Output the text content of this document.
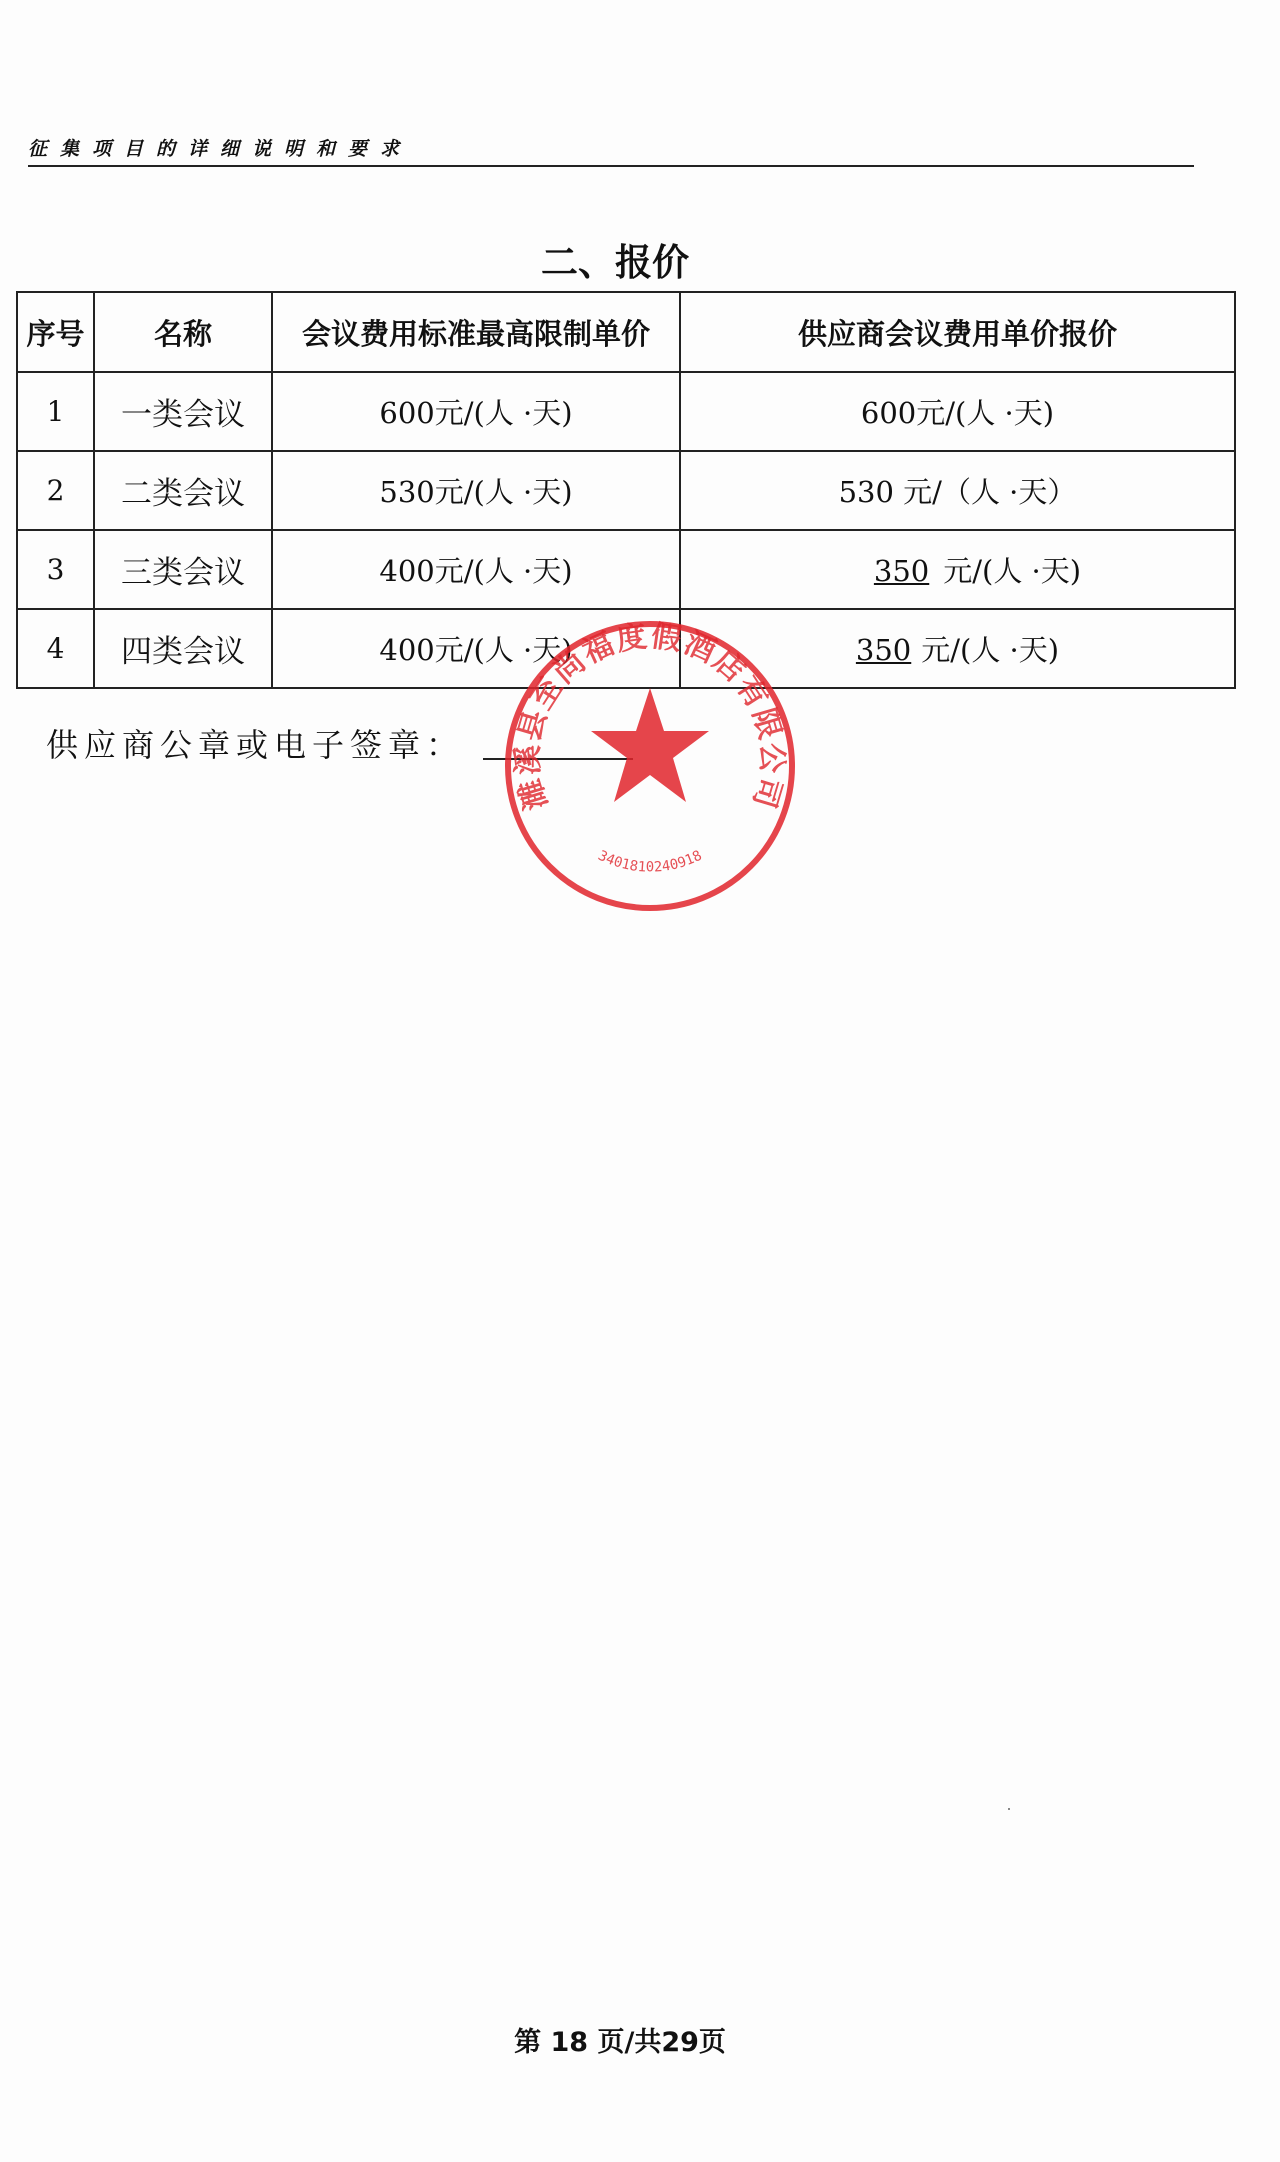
征集项目的详细说明和要求
二、报价
序号	名称	会议费用标准最高限制单价	供应商会议费用单价报价
1	一类会议	600元/(人 ·天)	600元/(人 ·天)
2	二类会议	530元/(人 ·天)	530 元/（人 ·天）
3	三类会议	400元/(人 ·天)	350 元/(人 ·天)
4	四类会议	400元/(人 ·天)	350 元/(人 ·天)
供应商公章或电子签章：
濉溪县至尚福度假酒店有限公司
3401810240918
第 18 页/共29页
